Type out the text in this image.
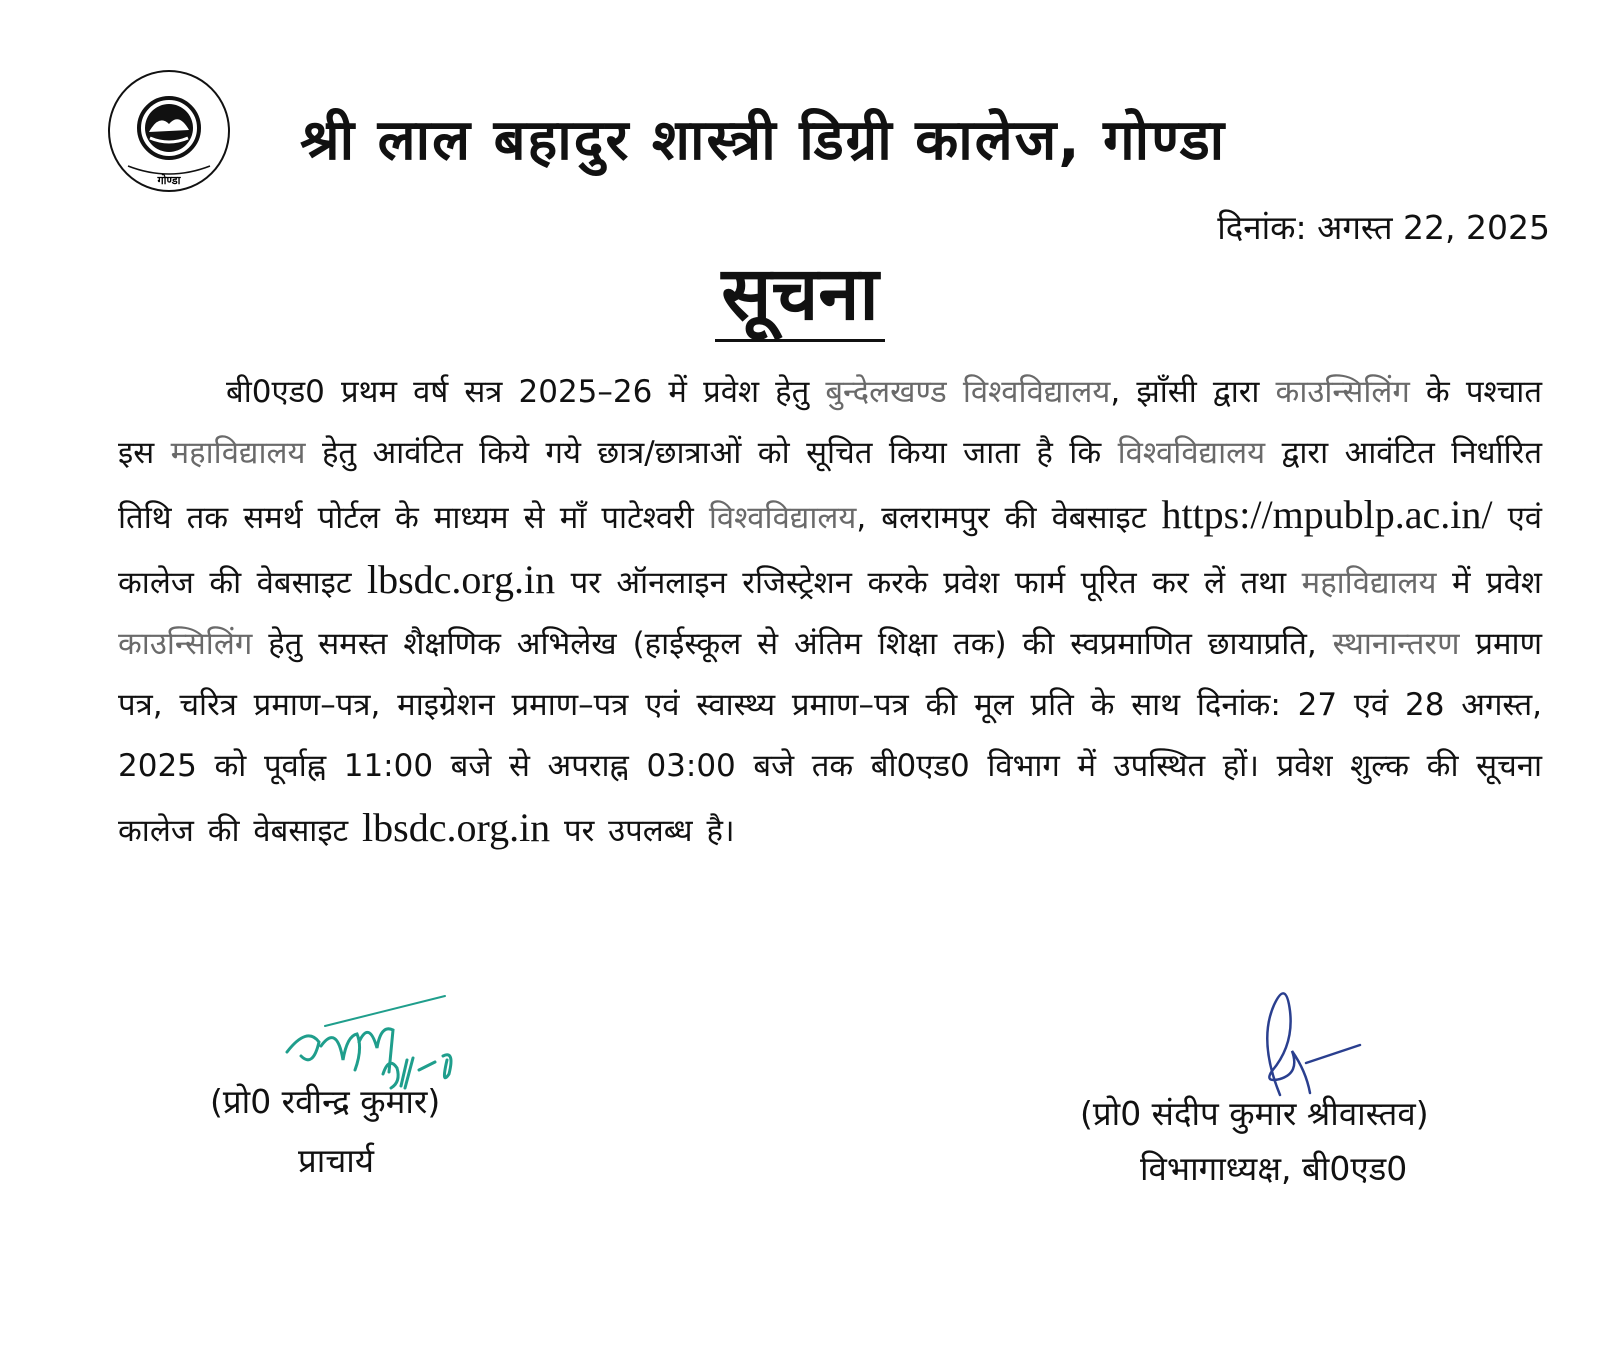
गोण्डा
श्री लाल बहादुर शास्त्री डिग्री कालेज, गोण्डा
दिनांक: अगस्त 22, 2025
सूचना
बी0एड0 प्रथम वर्ष सत्र 2025–26 में प्रवेश हेतु बुन्देलखण्ड विश्वविद्यालय, झाँसी द्वारा काउन्सिलिंग के पश्चात इस महाविद्यालय हेतु आवंटित किये गये छात्र/छात्राओं को सूचित किया जाता है कि विश्वविद्यालय द्वारा आवंटित निर्धारित तिथि तक समर्थ पोर्टल के माध्यम से माँ पाटेश्वरी विश्वविद्यालय, बलरामपुर की वेबसाइट https://mpublp.ac.in/ एवं कालेज की वेबसाइट lbsdc.org.in पर ऑनलाइन रजिस्ट्रेशन करके प्रवेश फार्म पूरित कर लें तथा महाविद्यालय में प्रवेश काउन्सिलिंग हेतु समस्त शैक्षणिक अभिलेख (हाईस्कूल से अंतिम शिक्षा तक) की स्वप्रमाणित छायाप्रति, स्थानान्तरण प्रमाण पत्र, चरित्र प्रमाण–पत्र, माइग्रेशन प्रमाण–पत्र एवं स्वास्थ्य प्रमाण–पत्र की मूल प्रति के साथ दिनांक: 27 एवं 28 अगस्त, 2025 को पूर्वाह्न 11:00 बजे से अपराह्न 03:00 बजे तक बी0एड0 विभाग में उपस्थित हों। प्रवेश शुल्क की सूचना कालेज की वेबसाइट lbsdc.org.in पर उपलब्ध है।
(प्रो0 रवीन्द्र कुमार)
प्राचार्य
(प्रो0 संदीप कुमार श्रीवास्तव)
विभागाध्यक्ष, बी0एड0
